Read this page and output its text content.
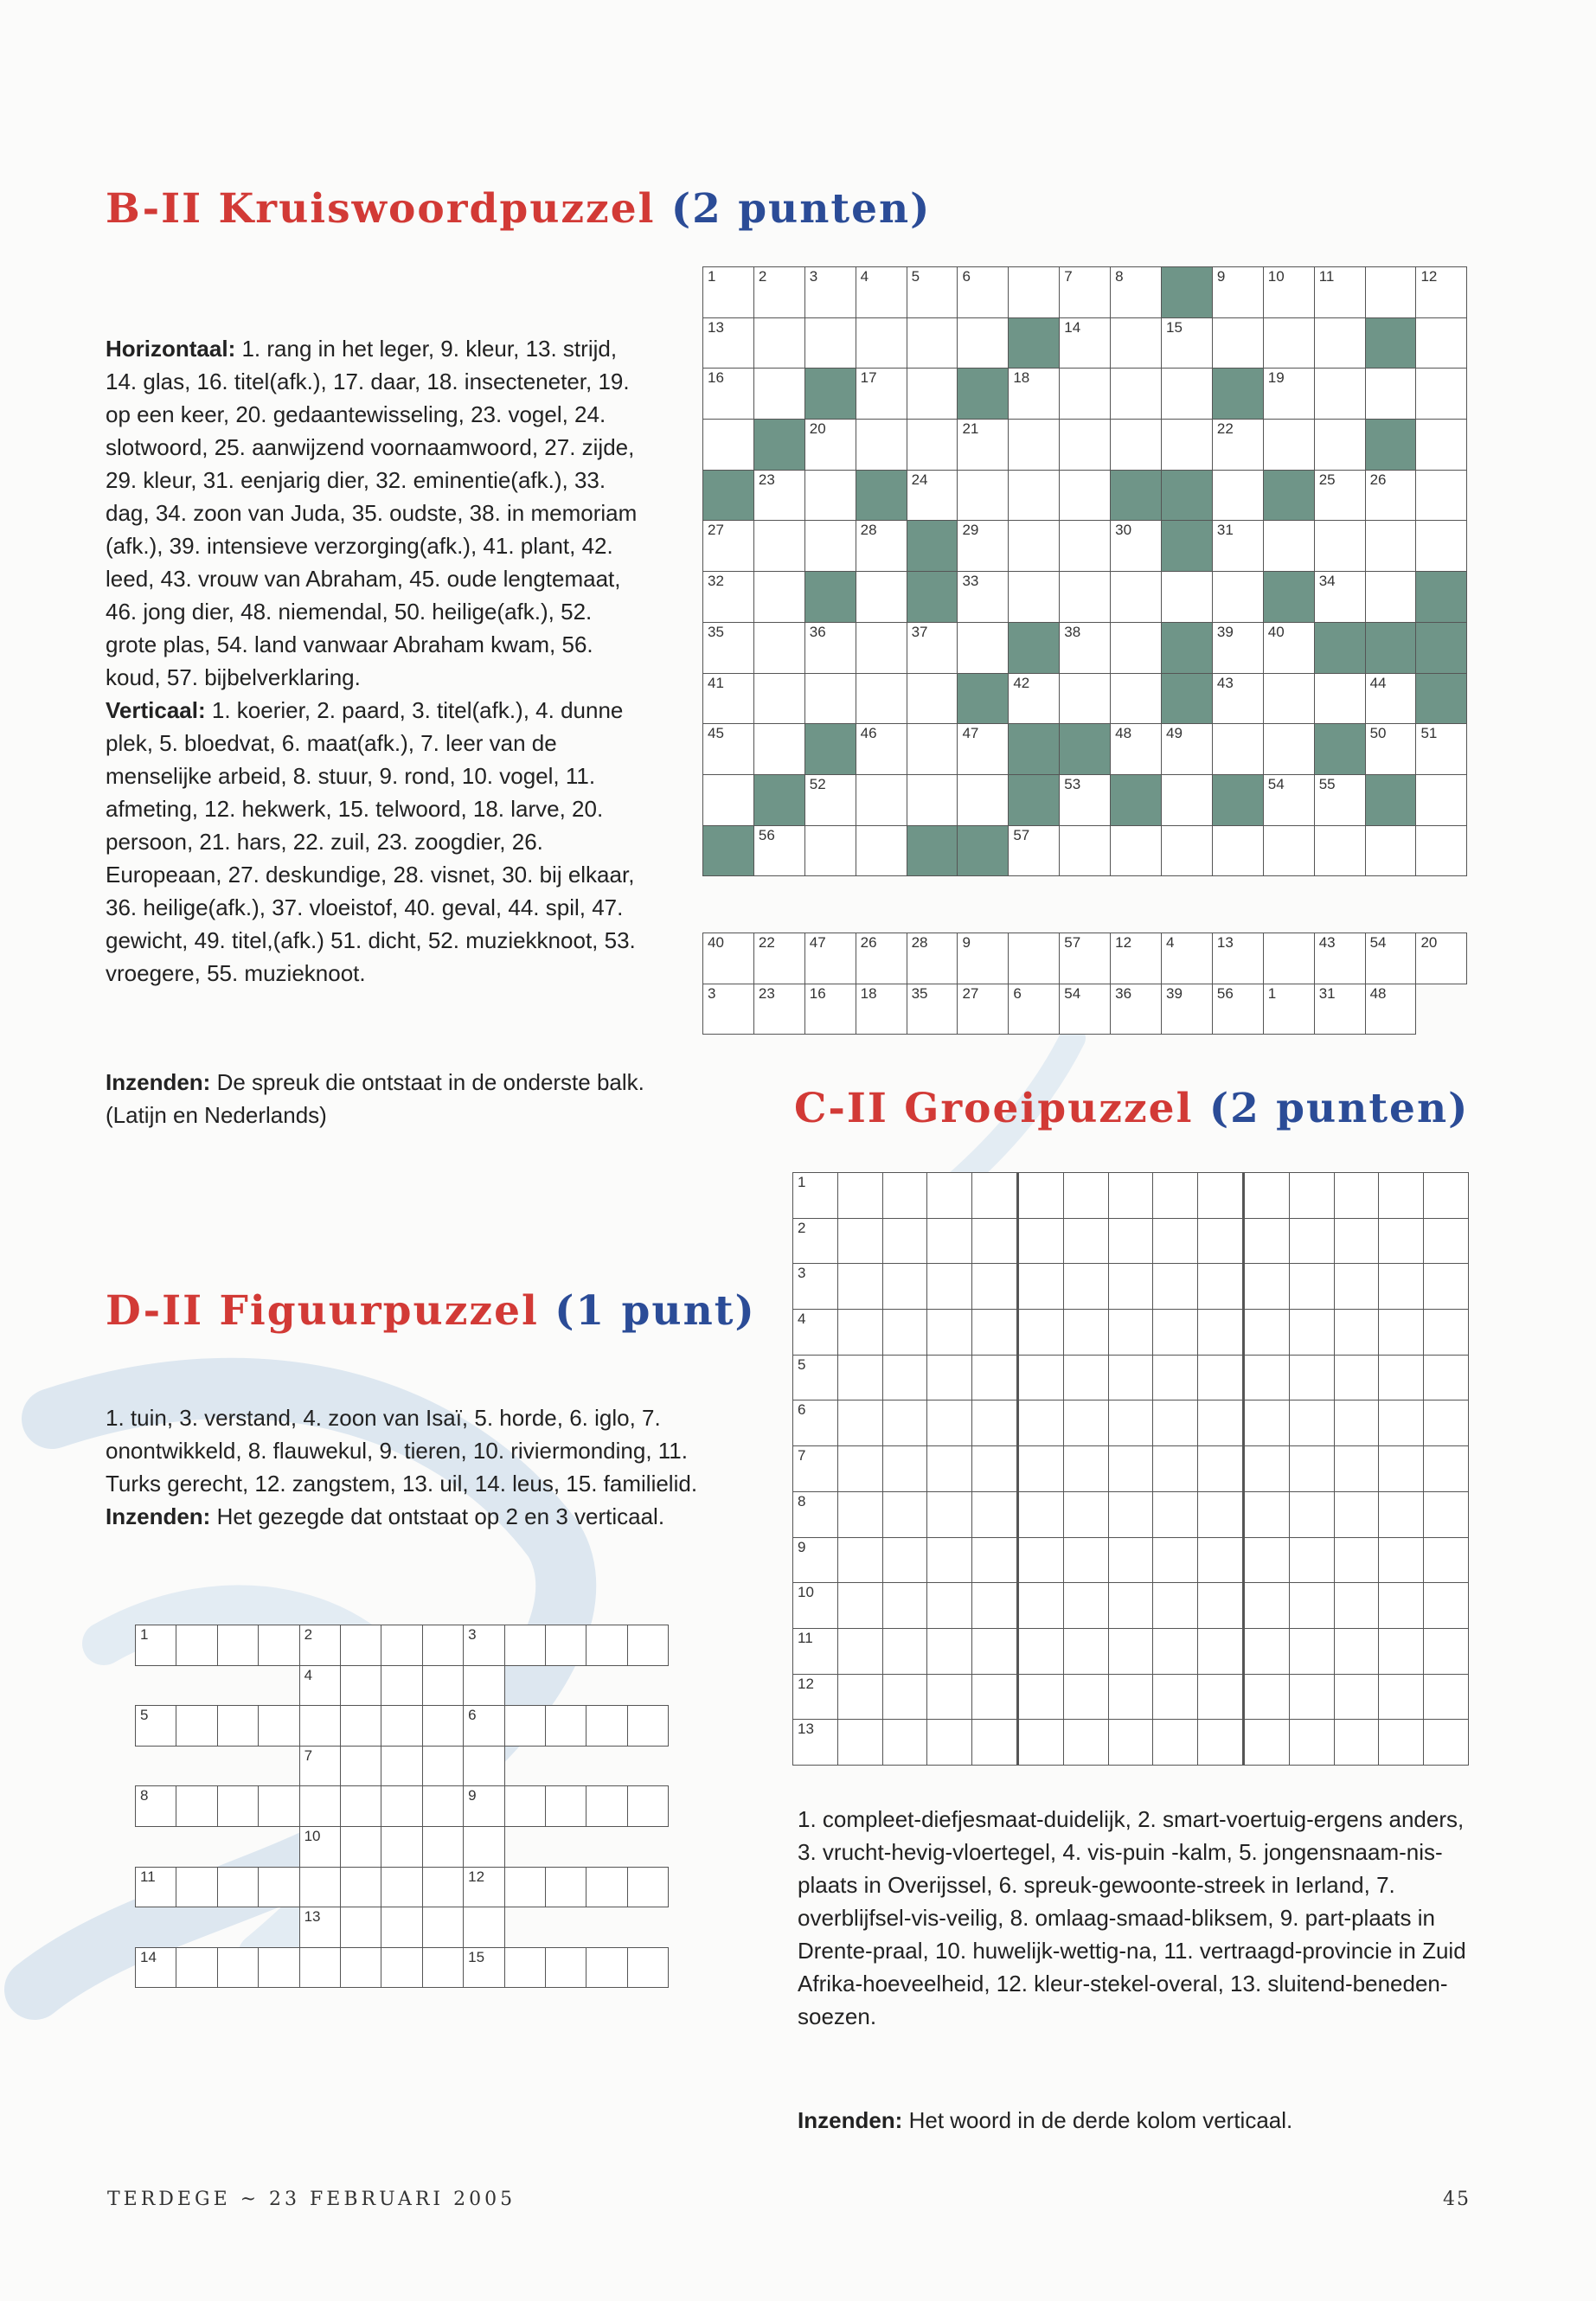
B-II Kruiswoordpuzzel (2 punten)
Horizontaal: 1. rang in het leger, 9. kleur, 13. strijd, 14. glas, 16. titel(afk.), 17. daar, 18. insecteneter, 19. op een keer, 20. gedaantewisseling, 23. vogel, 24. slotwoord, 25. aanwijzend voornaamwoord, 27. zijde, 29. kleur, 31. eenjarig dier, 32. eminentie(afk.), 33. dag, 34. zoon van Juda, 35. oudste, 38. in memoriam (afk.), 39. intensieve verzorging(afk.), 41. plant, 42. leed, 43. vrouw van Abraham, 45. oude lengtemaat, 46. jong dier, 48. niemendal, 50. heilige(afk.), 52. grote plas, 54. land vanwaar Abraham kwam, 56. koud, 57. bijbelverklaring.
Verticaal: 1. koerier, 2. paard, 3. titel(afk.), 4. dunne plek, 5. bloedvat, 6. maat(afk.), 7. leer van de menselijke arbeid, 8. stuur, 9. rond, 10. vogel, 11. afmeting, 12. hekwerk, 15. telwoord, 18. larve, 20. persoon, 21. hars, 22. zuil, 23. zoogdier, 26. Europeaan, 27. deskundige, 28. visnet, 30. bij elkaar, 36. heilige(afk.), 37. vloeistof, 40. geval, 44. spil, 47. gewicht, 49. titel,(afk.) 51. dicht, 52. muziekknoot, 53. vroegere, 55. muzieknoot.
Inzenden: De spreuk die ontstaat in de onderste balk. (Latijn en Nederlands)
1	2	3	4	5	6		7	8		9	10	11		12

13							14		15					

16			17			18					19			

		20			21					22				

	23			24								25	26	

27			28		29			30		31				

32					33							34		

35		36		37			38			39	40			

41						42				43			44	

45			46		47			48	49				50	51

		52					53				54	55		

	56					57								

40	22	47	26	28	9		57	12	4	13		43	54	20

3	23	16	18	35	27	6	54	36	39	56	1	31	48	

C-II Groeipuzzel (2 punten)
1														

2														

3														

4														

5														

6														

7														

8														

9														

10														

11														

12														

13														

1. compleet-diefjesmaat-duidelijk, 2. smart-voertuig-ergens anders, 3. vrucht-hevig-vloertegel, 4. vis-puin -kalm, 5. jongensnaam-nis-plaats in Overijssel, 6. spreuk-gewoonte-streek in Ierland, 7. overblijfsel-vis-veilig, 8. omlaag-smaad-bliksem, 9. part-plaats in Drente-praal, 10. huwelijk-wettig-na, 11. vertraagd-provincie in Zuid Afrika-hoeveelheid, 12. kleur-stekel-overal, 13. sluitend-beneden-soezen.
Inzenden: Het woord in de derde kolom verticaal.
D-II Figuurpuzzel (1 punt)
1. tuin, 3. verstand, 4. zoon van Isaï, 5. horde, 6. iglo, 7. onontwikkeld, 8. flauwekul, 9. tieren, 10. riviermonding, 11. Turks gerecht, 12. zangstem, 13. uil, 14. leus, 15. familielid. Inzenden: Het gezegde dat ontstaat op 2 en 3 verticaal.
1				2				3				

				4								

5								6				

				7								

8								9				

				10								

11								12				

				13								

14								15				

TERDEGE ~ 23 FEBRUARI 2005	45
